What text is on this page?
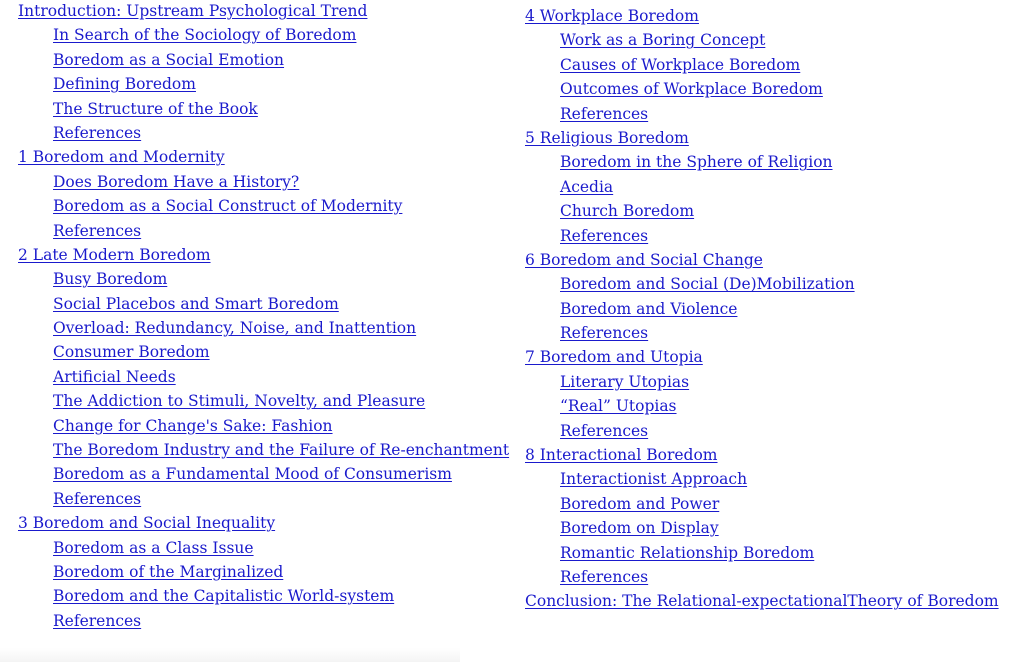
Introduction: Upstream Psychological Trend
In Search of the Sociology of Boredom
Boredom as a Social Emotion
Defining Boredom
The Structure of the Book
References
1 Boredom and Modernity
Does Boredom Have a History?
Boredom as a Social Construct of Modernity
References
2 Late Modern Boredom
Busy Boredom
Social Placebos and Smart Boredom
Overload: Redundancy, Noise, and Inattention
Consumer Boredom
Artificial Needs
The Addiction to Stimuli, Novelty, and Pleasure
Change for Change's Sake: Fashion
The Boredom Industry and the Failure of Re-enchantment
Boredom as a Fundamental Mood of Consumerism
References
3 Boredom and Social Inequality
Boredom as a Class Issue
Boredom of the Marginalized
Boredom and the Capitalistic World-system
References
4 Workplace Boredom
Work as a Boring Concept
Causes of Workplace Boredom
Outcomes of Workplace Boredom
References
5 Religious Boredom
Boredom in the Sphere of Religion
Acedia
Church Boredom
References
6 Boredom and Social Change
Boredom and Social (De)Mobilization
Boredom and Violence
References
7 Boredom and Utopia
Literary Utopias
“Real” Utopias
References
8 Interactional Boredom
Interactionist Approach
Boredom and Power
Boredom on Display
Romantic Relationship Boredom
References
Conclusion: The Relational-expectationalTheory of Boredom
